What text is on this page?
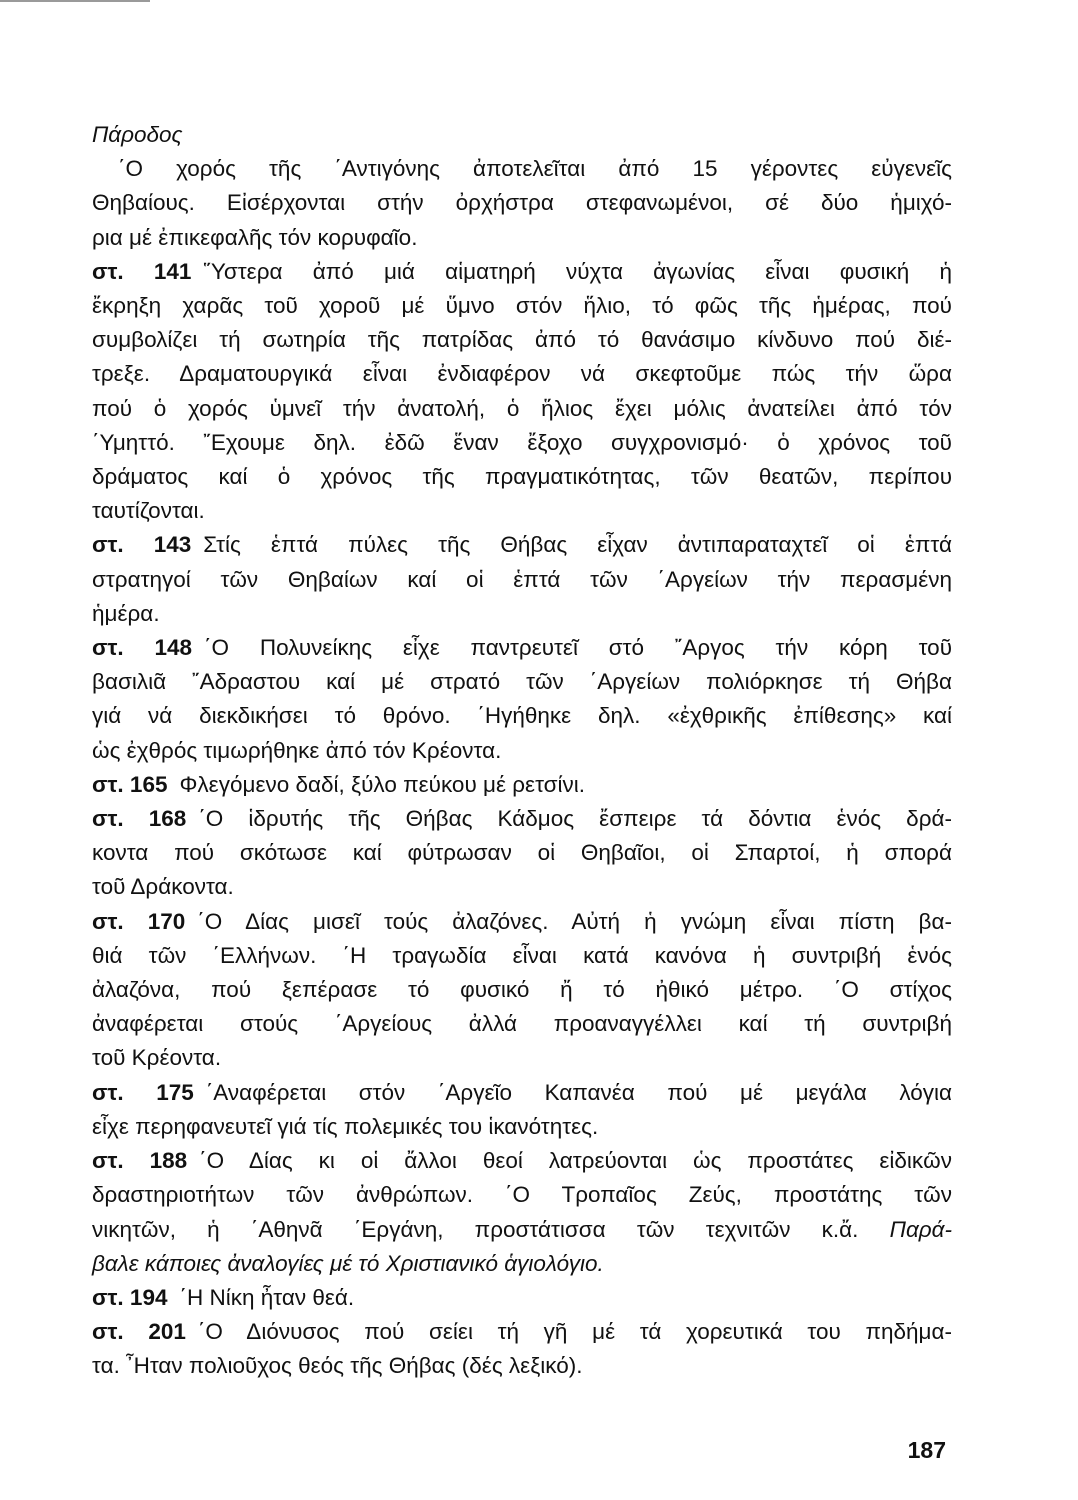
Πάροδος

΄Ο χορός τῆς ΄Αντιγόνης ἀποτελεῖται ἀπό 15 γέροντες εὐγενεῖς
Θηβαίους. Εἰσέρχονται στήν ὀρχήστρα στεφανωμένοι, σέ δύο ἡμιχό-
ρια μέ ἐπικεφαλῆς τόν κορυφαῖο.

στ. 141 ῞Υστερα ἀπό μιά αἱματηρή νύχτα ἀγωνίας εἶναι φυσική ἡ
ἔκρηξη χαρᾶς τοῦ χοροῦ μέ ὕμνο στόν ἥλιο, τό φῶς τῆς ἡμέρας, πού
συμβολίζει τή σωτηρία τῆς πατρίδας ἀπό τό θανάσιμο κίνδυνο πού διέ-
τρεξε. Δραματουργικά εἶναι ἐνδιαφέρον νά σκεφτοῦμε πώς τήν ὥρα
πού ὁ χορός ὑμνεῖ τήν ἀνατολή, ὁ ἥλιος ἔχει μόλις ἀνατείλει ἀπό τόν
΄Υμηττό. ῎Εχουμε δηλ. ἐδῶ ἕναν ἔξοχο συγχρονισμό· ὁ χρόνος τοῦ
δράματος καί ὁ χρόνος τῆς πραγματικότητας, τῶν θεατῶν, περίπου
ταυτίζονται.

στ. 143 Στίς ἑπτά πύλες τῆς Θήβας εἶχαν ἀντιπαραταχτεῖ οἱ ἑπτά
στρατηγοί τῶν Θηβαίων καί οἱ ἑπτά τῶν ΄Αργείων τήν περασμένη
ἡμέρα.

στ. 148 ΄Ο Πολυνείκης εἶχε παντρευτεῖ στό ῎Αργος τήν κόρη τοῦ
βασιλιᾶ ῎Αδραστου καί μέ στρατό τῶν ΄Αργείων πολιόρκησε τή Θήβα
γιά νά διεκδικήσει τό θρόνο. ΄Ηγήθηκε δηλ. «ἐχθρικῆς ἐπίθεσης» καί
ὡς ἐχθρός τιμωρήθηκε ἀπό τόν Κρέοντα.

στ. 165 Φλεγόμενο δαδί, ξύλο πεύκου μέ ρετσίνι.

στ. 168 ΄Ο ἱδρυτής τῆς Θήβας Κάδμος ἔσπειρε τά δόντια ἑνός δρά-
κοντα πού σκότωσε καί φύτρωσαν οἱ Θηβαῖοι, οἱ Σπαρτοί, ἡ σπορά
τοῦ Δράκοντα.

στ. 170 ΄Ο Δίας μισεῖ τούς ἀλαζόνες. Αὐτή ἡ γνώμη εἶναι πίστη βα-
θιά τῶν ΄Ελλήνων. ΄Η τραγωδία εἶναι κατά κανόνα ἡ συντριβή ἑνός
ἀλαζόνα, πού ξεπέρασε τό φυσικό ἤ τό ἠθικό μέτρο. ΄Ο στίχος
ἀναφέρεται στούς ΄Αργείους ἀλλά προαναγγέλλει καί τή συντριβή
τοῦ Κρέοντα.

στ. 175 ΄Αναφέρεται στόν ΄Αργεῖο Καπανέα πού μέ μεγάλα λόγια
εἶχε περηφανευτεῖ γιά τίς πολεμικές του ἱκανότητες.

στ. 188 ΄Ο Δίας κι οἱ ἄλλοι θεοί λατρεύονται ὡς προστάτες εἰδικῶν
δραστηριοτήτων τῶν ἀνθρώπων. ΄Ο Τροπαῖος Ζεύς, προστάτης τῶν
νικητῶν, ἡ ΄Αθηνᾶ ΄Εργάνη, προστάτισσα τῶν τεχνιτῶν κ.ἄ. Παρά-
βαλε κάποιες ἀναλογίες μέ τό Χριστιανικό ἁγιολόγιο.

στ. 194 ΄Η Νίκη ἦταν θεά.

στ. 201 ΄Ο Διόνυσος πού σείει τή γῆ μέ τά χορευτικά του πηδήμα-
τα. ῏Ηταν πολιοῦχος θεός τῆς Θήβας (δές λεξικό).

187
